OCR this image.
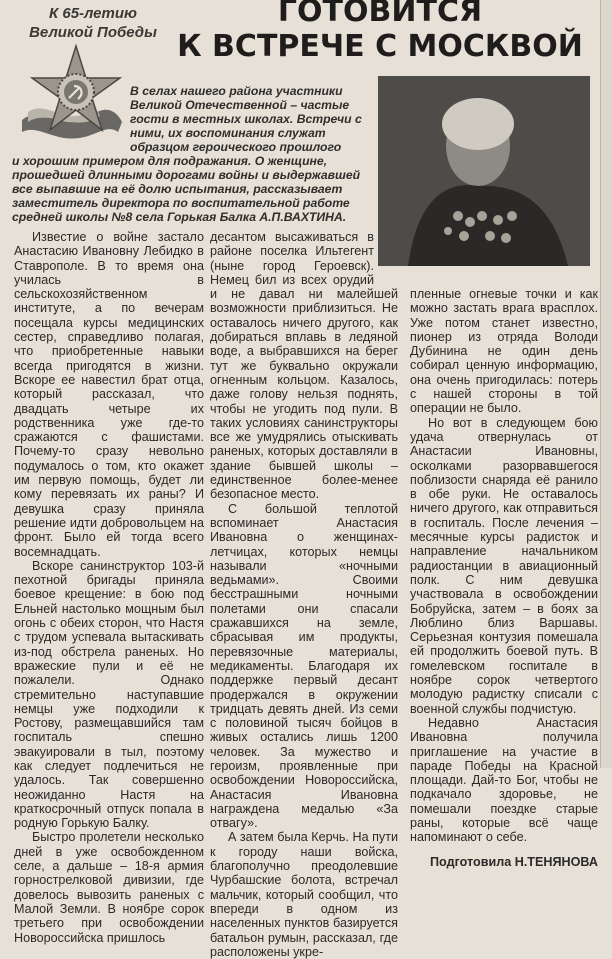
К 65-летию
Великой Победы
ГОТОВИТСЯ
К ВСТРЕЧЕ С МОСКВОЙ
В селах нашего района участники Великой Отечественной – частые гости в местных школах. Встречи с ними, их воспоминания служат образцом героического прошлого
и хорошим примером для подражания. О женщине, прошедшей длинными дорогами войны и выдержавшей все выпавшие на её долю испытания, рассказывает заместитель директора по воспитательной работе средней школы №8 села Горькая Балка А.П.ВАХТИНА.

Известие о войне застало Анастасию Ивановну Лебидко в Ставрополе. В то время она училась в сельскохозяйственном институте, а по вечерам посещала курсы медицинских сестер, справедливо полагая, что приобретенные навыки всегда пригодятся в жизни. Вскоре ее навестил брат отца, который рассказал, что двадцать четыре их родственника уже где-то сражаются с фашистами. Почему-то сразу невольно подумалось о том, кто окажет им первую помощь, будет ли кому перевязать их раны? И девушка сразу приняла решение идти добровольцем на фронт. Было ей тогда всего восемнадцать.

Вскоре санинструктор 103-й пехотной бригады приняла боевое крещение: в бою под Ельней настолько мощным был огонь с обеих сторон, что Настя с трудом успевала вытаскивать из-под обстрела раненых. Но вражеские пули и её не пожалели. Однако стремительно наступавшие немцы уже подходили к Ростову, размещавшийся там госпиталь спешно эвакуировали в тыл, поэтому как следует подлечиться не удалось. Так совершенно неожиданно Настя на краткосрочный отпуск попала в родную Горькую Балку.

Быстро пролетели несколько дней в уже освобожденном селе, а дальше – 18-я армия горнострелковой дивизии, где довелось вывозить раненых с Малой Земли. В ноябре сорок третьего при освобождении Новороссийска пришлось

десантом высаживаться в районе поселка Ильтегент (ныне город Героевск). Немец бил из всех орудий и не давал ни малейшей возможности приблизиться. Не оставалось ничего другого, как добираться вплавь в ледяной воде, а выбравшихся на берег тут же буквально окружали огненным кольцом. Казалось, даже голову нельзя поднять, чтобы не угодить под пули. В таких условиях санинструкторы все же умудрялись отыскивать раненых, которых доставляли в здание бывшей школы – единственное более-менее безопасное место.

С большой теплотой вспоминает Анастасия Ивановна о женщинах-летчицах, которых немцы называли «ночными ведьмами». Своими бесстрашными ночными полетами они спасали сражавшихся на земле, сбрасывая им продукты, перевязочные материалы, медикаменты. Благодаря их поддержке первый десант продержался в окружении тридцать девять дней. Из семи с половиной тысяч бойцов в живых остались лишь 1200 человек. За мужество и героизм, проявленные при освобождении Новороссийска, Анастасия Ивановна награждена медалью «За отвагу».

А затем была Керчь. На пути к городу наши войска, благополучно преодолевшие Чурбашские болота, встречал мальчик, который сообщил, что впереди в одном из населенных пунктов базируется батальон румын, рассказал, где расположены укре-

пленные огневые точки и как можно застать врага врасплох. Уже потом станет известно, пионер из отряда Володи Дубинина не один день собирал ценную информацию, она очень пригодилась: потерь с нашей стороны в той операции не было.

Но вот в следующем бою удача отвернулась от Анастасии Ивановны, осколками разорвавшегося поблизости снаряда её ранило в обе руки. Не оставалось ничего другого, как отправиться в госпиталь. После лечения – месячные курсы радисток и направление начальником радиостанции в авиационный полк. С ним девушка участвовала в освобождении Бобруйска, затем – в боях за Люблино близ Варшавы. Серьезная контузия помешала ей продолжить боевой путь. В гомелевском госпитале в ноябре сорок четвертого молодую радистку списали с военной службы подчистую.

Недавно Анастасия Ивановна получила приглашение на участие в параде Победы на Красной площади. Дай-то Бог, чтобы не подкачало здоровье, не помешали поездке старые раны, которые всё чаще напоминают о себе.

Подготовила Н.ТЕНЯНОВА
